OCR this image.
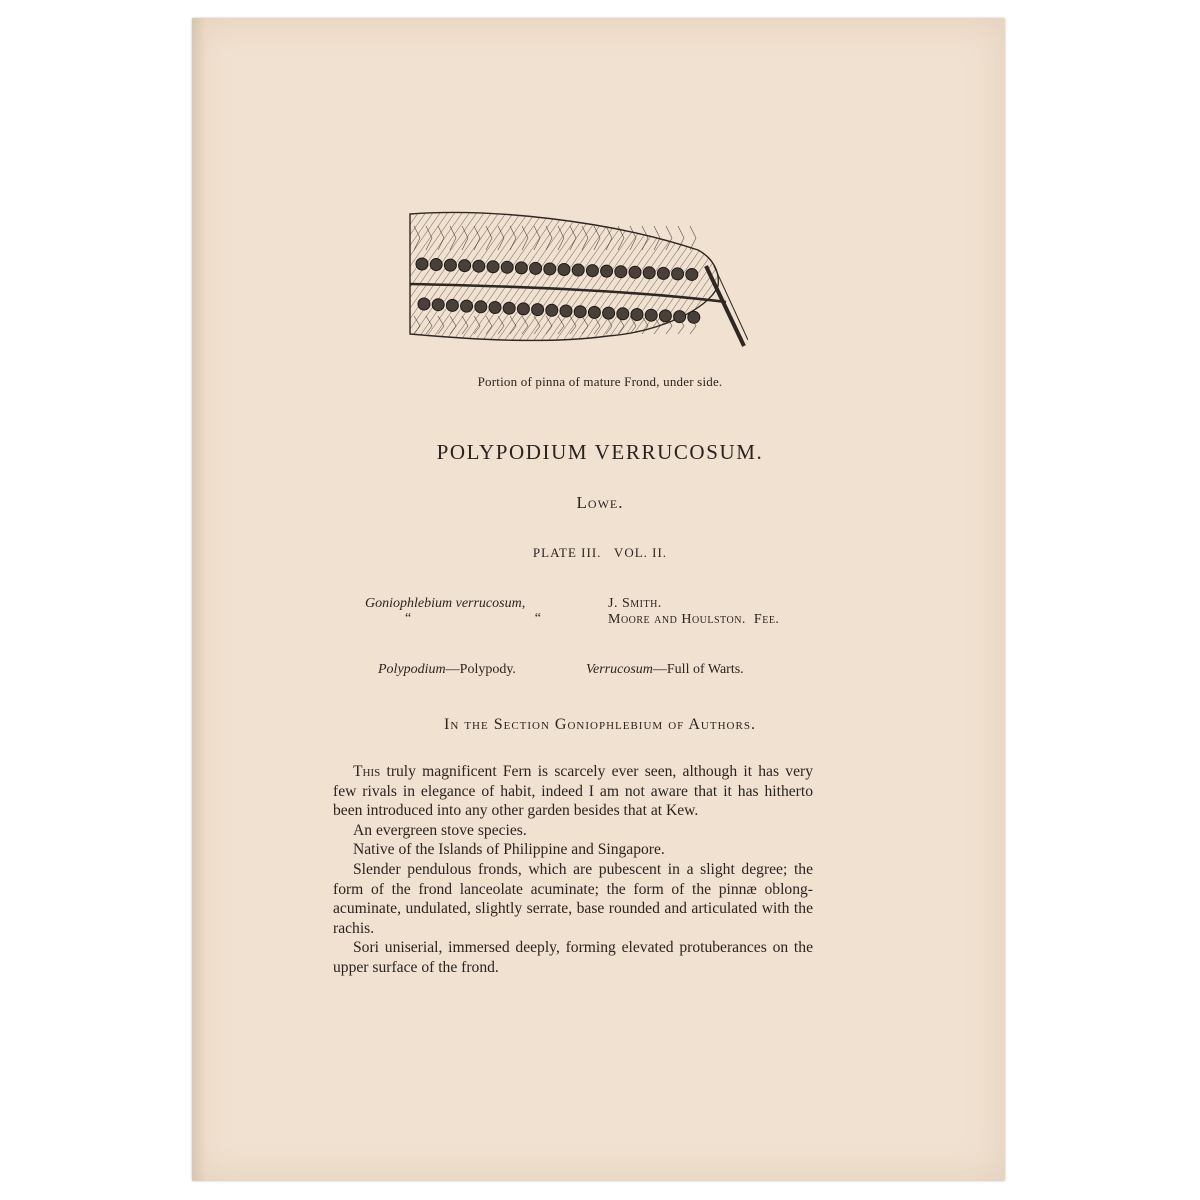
Portion of pinna of mature Frond, under side.
POLYPODIUM VERRUCOSUM.
Lowe.
PLATE III.   VOL. II.
Goniophlebium verrucosum,
“ “
J. Smith.
Moore and Houlston.  Fee.
Polypodium—Polypody.	Verrucosum—Full of Warts.
In the Section Goniophlebium of Authors.

This truly magnificent Fern is scarcely ever seen, although it has very few rivals in elegance of habit, indeed I am not aware that it has hitherto been introduced into any other garden besides that at Kew.

An evergreen stove species.

Native of the Islands of Philippine and Singapore.

Slender pendulous fronds, which are pubescent in a slight degree; the form of the frond lanceolate acuminate; the form of the pinnæ oblong-acuminate, undulated, slightly serrate, base rounded and articulated with the rachis.

Sori uniserial, immersed deeply, forming elevated protuberances on the upper surface of the frond.
